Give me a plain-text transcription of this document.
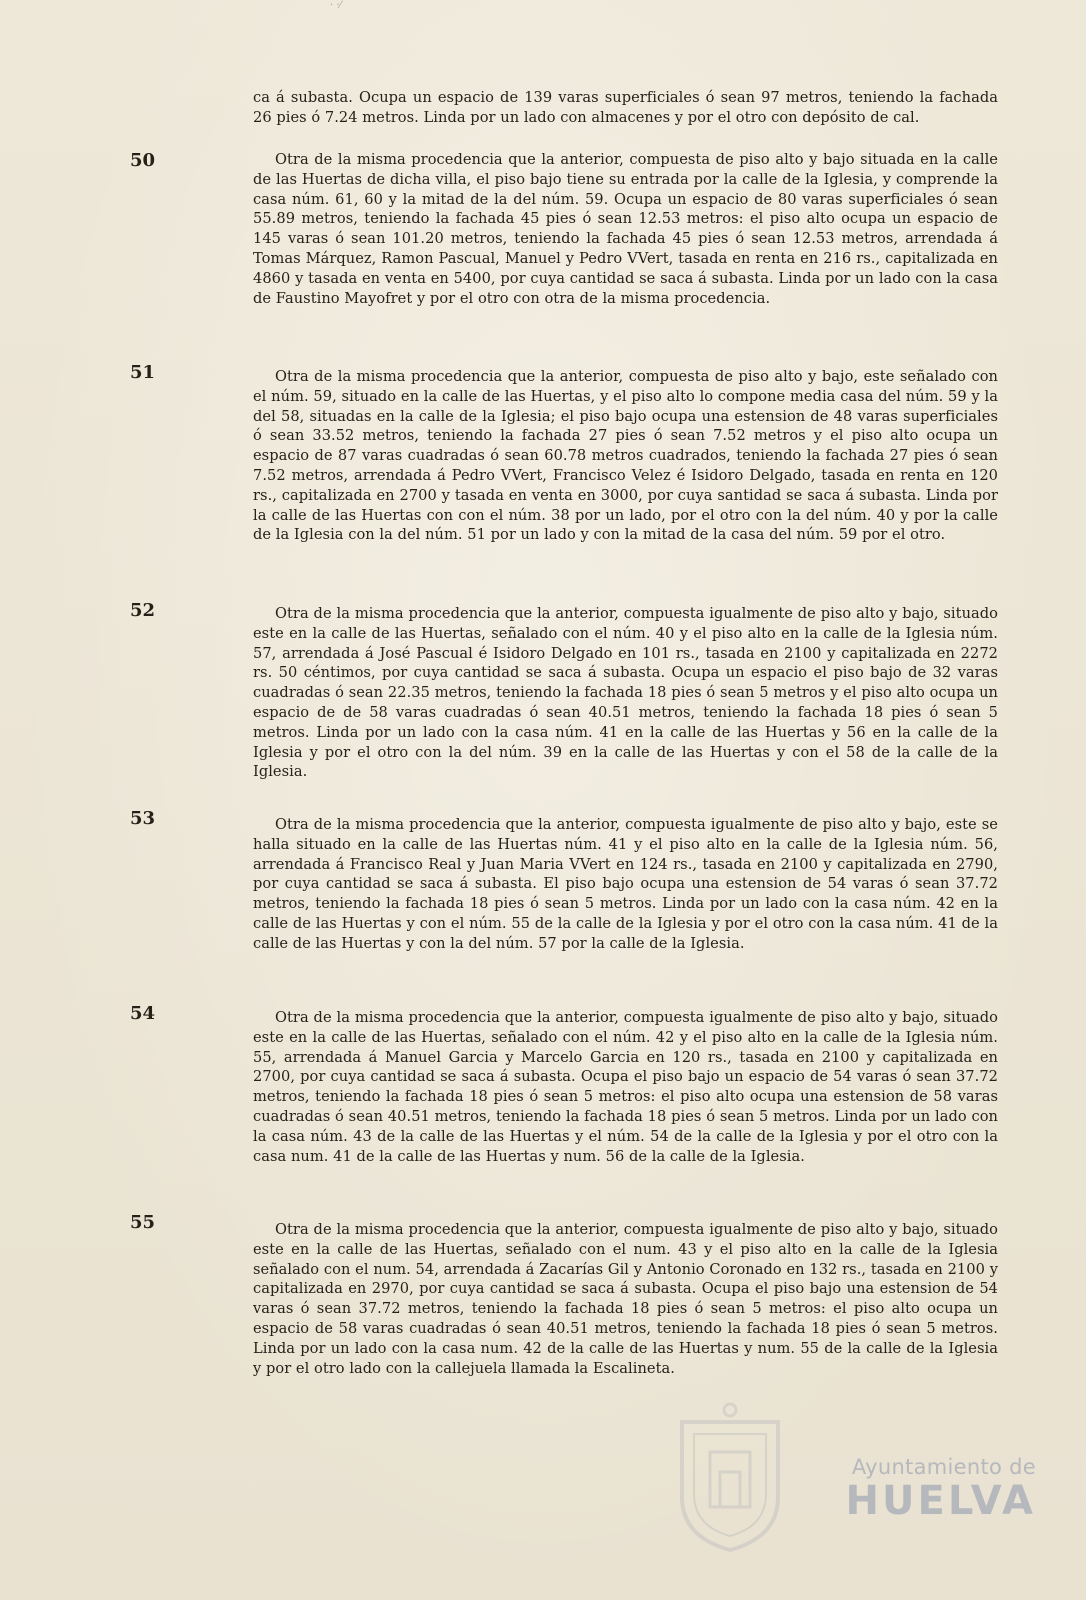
· ·⁄
50
51
52
53
54
55

ca á subasta. Ocupa un espacio de 139 varas superficiales ó sean 97 metros, teniendo la fachada 26 pies ó 7.24 metros. Linda por un lado con almacenes y por el otro con depósito de cal.

Otra de la misma procedencia que la anterior, compuesta de piso alto y bajo situada en la calle de las Huertas de dicha villa, el piso bajo tiene su entrada por la calle de la Iglesia, y comprende la casa núm. 61, 60 y la mitad de la del núm. 59. Ocupa un espacio de 80 varas superficiales ó sean 55.89 metros, teniendo la fachada 45 pies ó sean 12.53 metros: el piso alto ocupa un espacio de 145 varas ó sean 101.20 metros, teniendo la fachada 45 pies ó sean 12.53 metros, arrendada á Tomas Márquez, Ramon Pascual, Manuel y Pedro VVert, tasada en renta en 216 rs., capitalizada en 4860 y tasada en venta en 5400, por cuya cantidad se saca á subasta. Linda por un lado con la casa de Faustino Mayofret y por el otro con otra de la misma procedencia.

Otra de la misma procedencia que la anterior, compuesta de piso alto y bajo, este señalado con el núm. 59, situado en la calle de las Huertas, y el piso alto lo compone media casa del núm. 59 y la del 58, situadas en la calle de la Iglesia; el piso bajo ocupa una estension de 48 varas superficiales ó sean 33.52 metros, teniendo la fachada 27 pies ó sean 7.52 metros y el piso alto ocupa un espacio de 87 varas cuadradas ó sean 60.78 metros cuadrados, teniendo la fachada 27 pies ó sean 7.52 metros, arrendada á Pedro VVert, Francisco Velez é Isidoro Delgado, tasada en renta en 120 rs., capitalizada en 2700 y tasada en venta en 3000, por cuya santidad se saca á subasta. Linda por la calle de las Huertas con con el núm. 38 por un lado, por el otro con la del núm. 40 y por la calle de la Iglesia con la del núm. 51 por un lado y con la mitad de la casa del núm. 59 por el otro.

Otra de la misma procedencia que la anterior, compuesta igualmente de piso alto y bajo, situado este en la calle de las Huertas, señalado con el núm. 40 y el piso alto en la calle de la Iglesia núm. 57, arrendada á José Pascual é Isidoro Delgado en 101 rs., tasada en 2100 y capitalizada en 2272 rs. 50 céntimos, por cuya cantidad se saca á subasta. Ocupa un espacio el piso bajo de 32 varas cuadradas ó sean 22.35 metros, teniendo la fachada 18 pies ó sean 5 metros y el piso alto ocupa un espacio de de 58 varas cuadradas ó sean 40.51 metros, teniendo la fachada 18 pies ó sean 5 metros. Linda por un lado con la casa núm. 41 en la calle de las Huertas y 56 en la calle de la Iglesia y por el otro con la del núm. 39 en la calle de las Huertas y con el 58 de la calle de la Iglesia.

Otra de la misma procedencia que la anterior, compuesta igualmente de piso alto y bajo, este se halla situado en la calle de las Huertas núm. 41 y el piso alto en la calle de la Iglesia núm. 56, arrendada á Francisco Real y Juan Maria VVert en 124 rs., tasada en 2100 y capitalizada en 2790, por cuya cantidad se saca á subasta. El piso bajo ocupa una estension de 54 varas ó sean 37.72 metros, teniendo la fachada 18 pies ó sean 5 metros. Linda por un lado con la casa núm. 42 en la calle de las Huertas y con el núm. 55 de la calle de la Iglesia y por el otro con la casa núm. 41 de la calle de las Huertas y con la del núm. 57 por la calle de la Iglesia.

Otra de la misma procedencia que la anterior, compuesta igualmente de piso alto y bajo, situado este en la calle de las Huertas, señalado con el núm. 42 y el piso alto en la calle de la Iglesia núm. 55, arrendada á Manuel Garcia y Marcelo Garcia en 120 rs., tasada en 2100 y capitalizada en 2700, por cuya cantidad se saca á subasta. Ocupa el piso bajo un espacio de 54 varas ó sean 37.72 metros, teniendo la fachada 18 pies ó sean 5 metros: el piso alto ocupa una estension de 58 varas cuadradas ó sean 40.51 metros, teniendo la fachada 18 pies ó sean 5 metros. Linda por un lado con la casa núm. 43 de la calle de las Huertas y el núm. 54 de la calle de la Iglesia y por el otro con la casa num. 41 de la calle de las Huertas y num. 56 de la calle de la Iglesia.

Otra de la misma procedencia que la anterior, compuesta igualmente de piso alto y bajo, situado este en la calle de las Huertas, señalado con el num. 43 y el piso alto en la calle de la Iglesia señalado con el num. 54, arrendada á Zacarías Gil y Antonio Coronado en 132 rs., tasada en 2100 y capitalizada en 2970, por cuya cantidad se saca á subasta. Ocupa el piso bajo una estension de 54 varas ó sean 37.72 metros, teniendo la fachada 18 pies ó sean 5 metros: el piso alto ocupa un espacio de 58 varas cuadradas ó sean 40.51 metros, teniendo la fachada 18 pies ó sean 5 metros. Linda por un lado con la casa num. 42 de la calle de las Huertas y num. 55 de la calle de la Iglesia y por el otro lado con la callejuela llamada la Escalineta.

Ayuntamiento de
HUELVA
